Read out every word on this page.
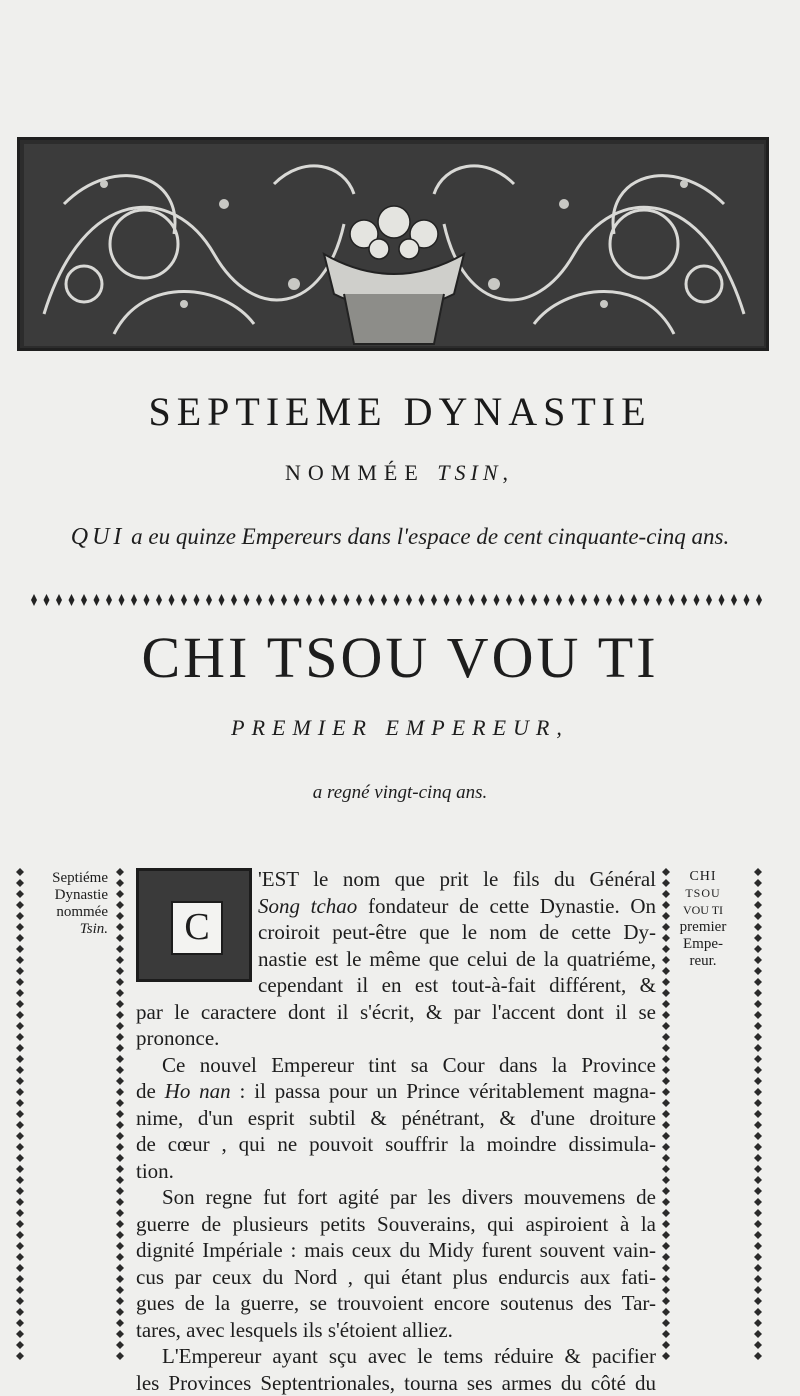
SEPTIEME DYNASTIE
NOMMÉE TSIN,
QUI a eu quinze Empereurs dans l'espace de cent cinquante-cinq ans.
CHI TSOU VOU TI
PREMIER EMPEREUR,
a regné vingt-cinq ans.
Septiéme
Dynastie
nommée
Tsin.
CHI
TSOU
VOU TI
premier
Empe-
reur.
C
'EST le nom que prit le fils du Général
Song tchao fondateur de cette Dynastie. On
croiroit peut-être que le nom de cette Dy-
nastie est le même que celui de la quatriéme,
cependant il en est tout-à-fait différent, &
par le caractere dont il s'écrit, & par l'accent dont il se
prononce.
Ce nouvel Empereur tint sa Cour dans la Province
de Ho nan : il passa pour un Prince véritablement magna-
nime, d'un esprit subtil & pénétrant, & d'une droiture
de cœur , qui ne pouvoit souffrir la moindre dissimula-
tion.
Son regne fut fort agité par les divers mouvemens de
guerre de plusieurs petits Souverains, qui aspiroient à la
dignité Impériale : mais ceux du Midy furent souvent vain-
cus par ceux du Nord , qui étant plus endurcis aux fati-
gues de la guerre, se trouvoient encore soutenus des Tar-
tares, avec lesquels ils s'étoient alliez.
L'Empereur ayant sçu avec le tems réduire & pacifier
les Provinces Septentrionales, tourna ses armes du côté du
